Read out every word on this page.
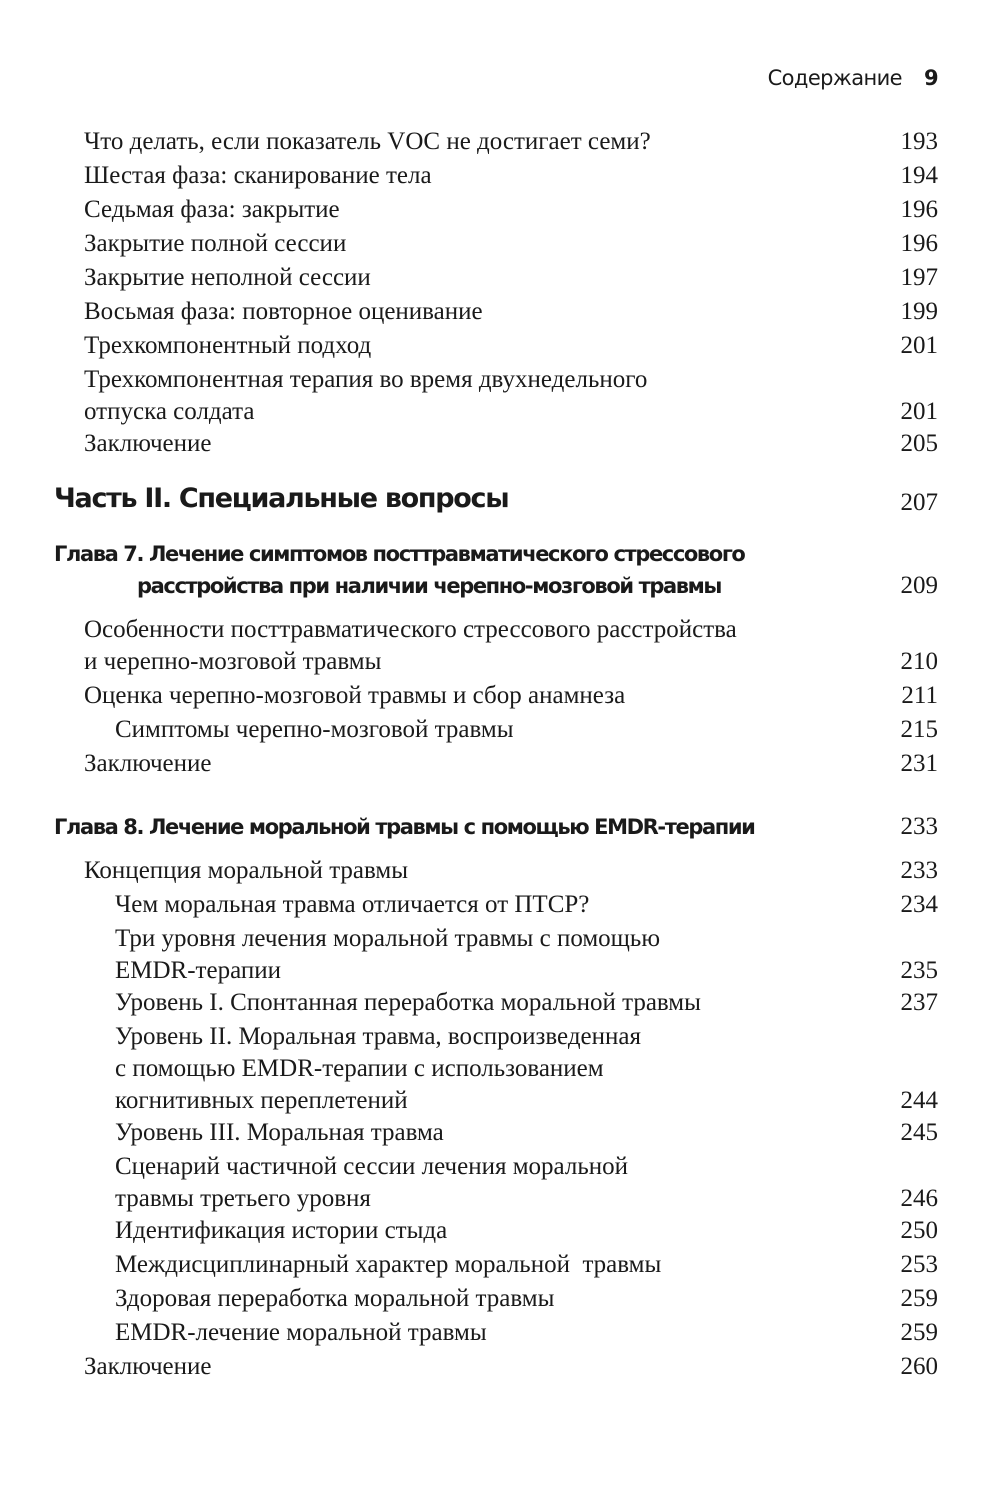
Содержание 9
Что делать, если показатель VOC не достигает семи?	193
Шестая фаза: сканирование тела	194
Седьмая фаза: закрытие	196
Закрытие полной сессии	196
Закрытие неполной сессии	197
Восьмая фаза: повторное оценивание	199
Трехкомпонентный подход	201
Трехкомпонентная терапия во время двухнедельного
отпуска солдата	201
Заключение	205
Часть II. Специальные вопросы	207
Глава 7. Лечение симптомов посттравматического стрессового
расстройства при наличии черепно-мозговой травмы	209
Особенности посттравматического стрессового расстройства
и черепно-мозговой травмы	210
Оценка черепно-мозговой травмы и сбор анамнеза	211
Симптомы черепно-мозговой травмы	215
Заключение	231
Глава 8. Лечение моральной травмы с помощью EMDR-терапии	233
Концепция моральной травмы	233
Чем моральная травма отличается от ПТСР?	234
Три уровня лечения моральной травмы с помощью
EMDR-терапии	235
Уровень I. Спонтанная переработка моральной травмы	237
Уровень II. Моральная травма, воспроизведенная
с помощью EMDR-терапии с использованием
когнитивных переплетений	244
Уровень III. Моральная травма	245
Сценарий частичной сессии лечения моральной
травмы третьего уровня	246
Идентификация истории стыда	250
Междисциплинарный характер моральной  травмы	253
Здоровая переработка моральной травмы	259
EMDR-лечение моральной травмы	259
Заключение	260
